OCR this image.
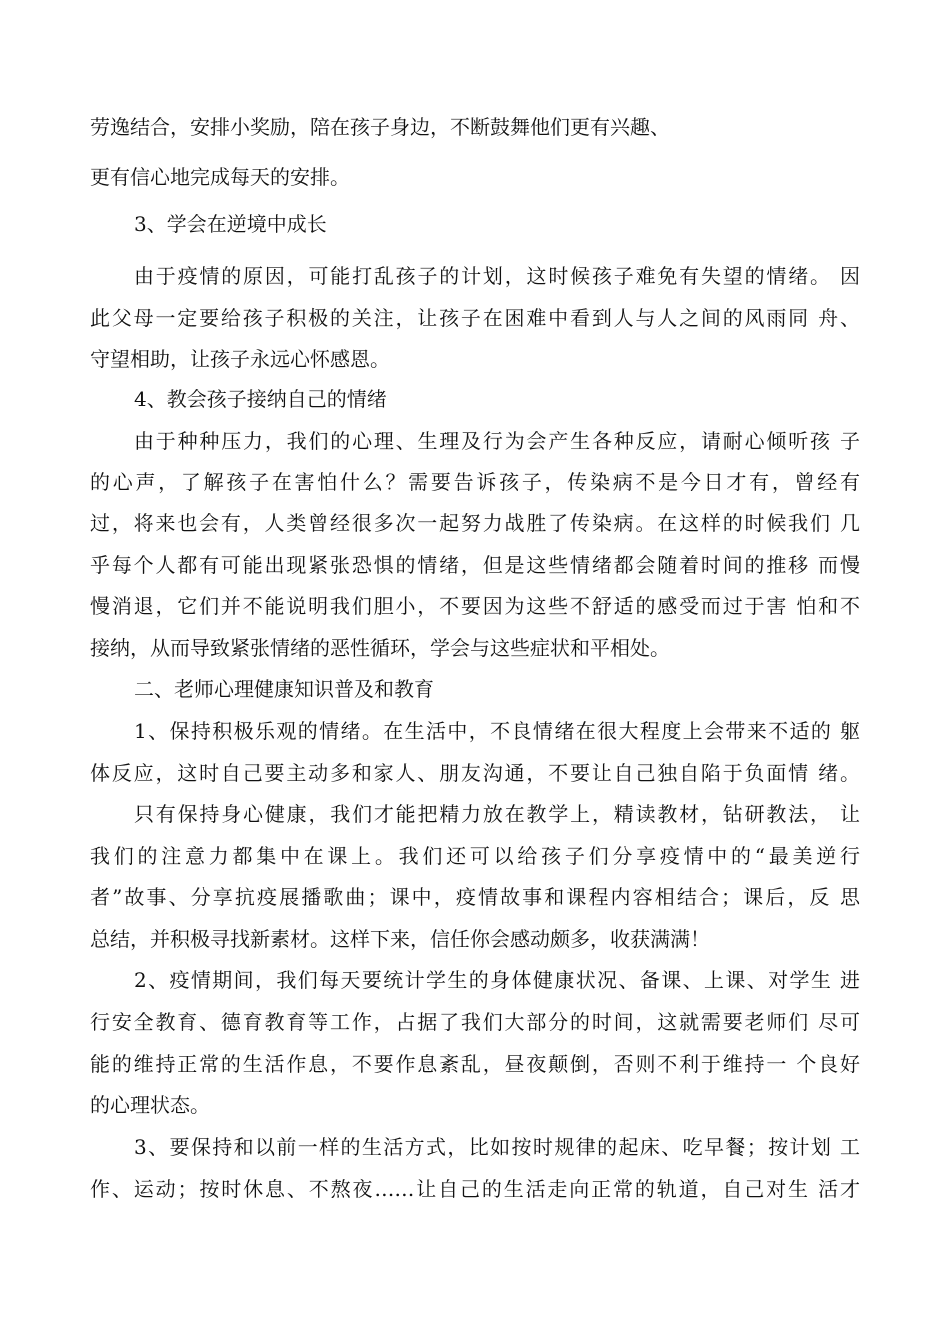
劳逸结合，安排小奖励，陪在孩子身边，不断鼓舞他们更有兴趣、
更有信心地完成每天的安排。
3、学会在逆境中成长
由于疫情的原因，可能打乱孩子的计划，这时候孩子难免有失望的情绪。 因
此父母一定要给孩子积极的关注，让孩子在困难中看到人与人之间的风雨同 舟、
守望相助，让孩子永远心怀感恩。
4、教会孩子接纳自己的情绪
由于种种压力，我们的心理、生理及行为会产生各种反应，请耐心倾听孩 子
的心声，了解孩子在害怕什么？需要告诉孩子，传染病不是今日才有，曾经有
过，将来也会有，人类曾经很多次一起努力战胜了传染病。在这样的时候我们 几
乎每个人都有可能出现紧张恐惧的情绪，但是这些情绪都会随着时间的推移 而慢
慢消退，它们并不能说明我们胆小，不要因为这些不舒适的感受而过于害 怕和不
接纳，从而导致紧张情绪的恶性循环，学会与这些症状和平相处。
二、老师心理健康知识普及和教育
1、保持积极乐观的情绪。在生活中，不良情绪在很大程度上会带来不适的 躯
体反应，这时自己要主动多和家人、朋友沟通，不要让自己独自陷于负面情 绪。
只有保持身心健康，我们才能把精力放在教学上，精读教材，钻研教法， 让
我们的注意力都集中在课上。我们还可以给孩子们分享疫情中的“最美逆行
者”故事、分享抗疫展播歌曲；课中，疫情故事和课程内容相结合；课后，反 思
总结，并积极寻找新素材。这样下来，信任你会感动颇多，收获满满！
2、疫情期间，我们每天要统计学生的身体健康状况、备课、上课、对学生 进
行安全教育、德育教育等工作，占据了我们大部分的时间，这就需要老师们 尽可
能的维持正常的生活作息，不要作息紊乱，昼夜颠倒，否则不利于维持一 个良好
的心理状态。
3、要保持和以前一样的生活方式，比如按时规律的起床、吃早餐；按计划 工
作、运动；按时休息、不熬夜……让自己的生活走向正常的轨道，自己对生 活才
